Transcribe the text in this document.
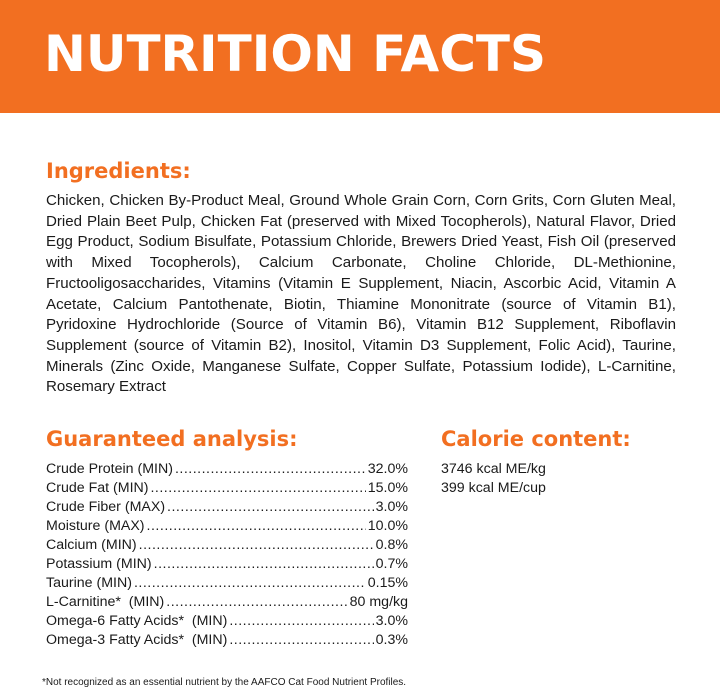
NUTRITION FACTS
Ingredients:
Chicken, Chicken By-Product Meal, Ground Whole Grain Corn, Corn Grits, Corn Gluten Meal, Dried Plain Beet Pulp, Chicken Fat (preserved with Mixed Tocopherols), Natural Flavor, Dried Egg Product, Sodium Bisulfate, Potassium Chloride, Brewers Dried Yeast, Fish Oil (preserved with Mixed Tocopherols), Calcium Carbonate, Choline Chloride, DL-Methionine, Fructooligosaccharides, Vitamins (Vitamin E Supplement, Niacin, Ascorbic Acid, Vitamin A Acetate, Calcium Pantothenate, Biotin, Thiamine Mononitrate (source of Vitamin B1), Pyridoxine Hydrochloride (Source of Vitamin B6), Vitamin B12 Supplement, Riboflavin Supplement (source of Vitamin B2), Inositol, Vitamin D3 Supplement, Folic Acid), Taurine, Minerals (Zinc Oxide, Manganese Sulfate, Copper Sulfate, Potassium Iodide), L-Carnitine, Rosemary Extract
Guaranteed analysis:
Crude Protein (MIN) .....	32.0%
Crude Fat (MIN) .....	15.0%
Crude Fiber (MAX) .....	3.0%
Moisture (MAX) .....	10.0%
Calcium (MIN) .....	0.8%
Potassium (MIN) .....	0.7%
Taurine (MIN) .....	0.15%
L-Carnitine*  (MIN) .....	80 mg/kg
Omega-6 Fatty Acids*  (MIN) .....	3.0%
Omega-3 Fatty Acids*  (MIN) .....	0.3%
Calorie content:
3746 kcal ME/kg
399 kcal ME/cup
*Not recognized as an essential nutrient by the AAFCO Cat Food Nutrient Profiles.
